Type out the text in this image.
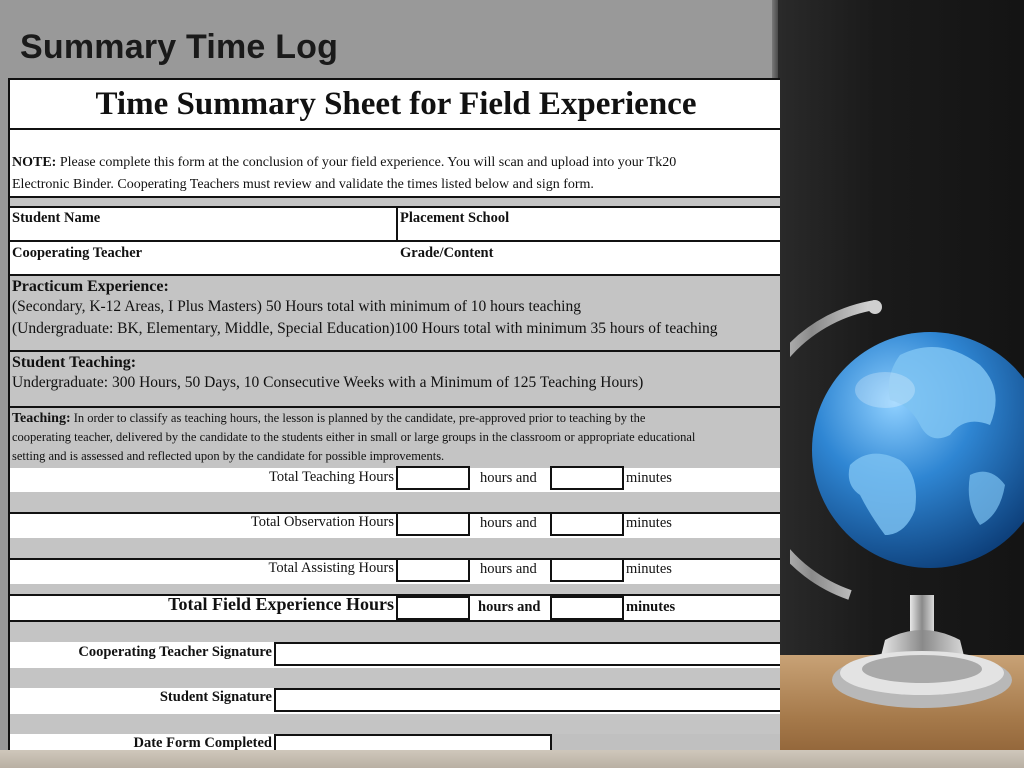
Summary Time Log
Time Summary Sheet for Field Experience
NOTE: Please complete this form at the conclusion of your field experience. You will scan and upload into your Tk20
Electronic Binder. Cooperating Teachers must review and validate the times listed below and sign form.
Student Name	Placement School
Cooperating Teacher	Grade/Content
Practicum Experience:
(Secondary, K-12 Areas, I Plus Masters) 50 Hours total with minimum of 10 hours teaching
(Undergraduate: BK, Elementary, Middle, Special Education)100 Hours total with minimum 35 hours of teaching
Student Teaching:
Undergraduate: 300 Hours, 50 Days, 10 Consecutive Weeks with a Minimum of 125 Teaching Hours)
Teaching: In order to classify as teaching hours, the lesson is planned by the candidate, pre-approved prior to teaching by the
cooperating teacher, delivered by the candidate to the students either in small or large groups in the classroom or appropriate educational
setting and is assessed and reflected upon by the candidate for possible improvements.
Total Teaching Hours	hours and	minutes
Total Observation Hours	hours and	minutes
Total Assisting Hours	hours and	minutes
Total Field Experience Hours	hours and	minutes
Cooperating Teacher Signature
Student Signature
Date Form Completed
